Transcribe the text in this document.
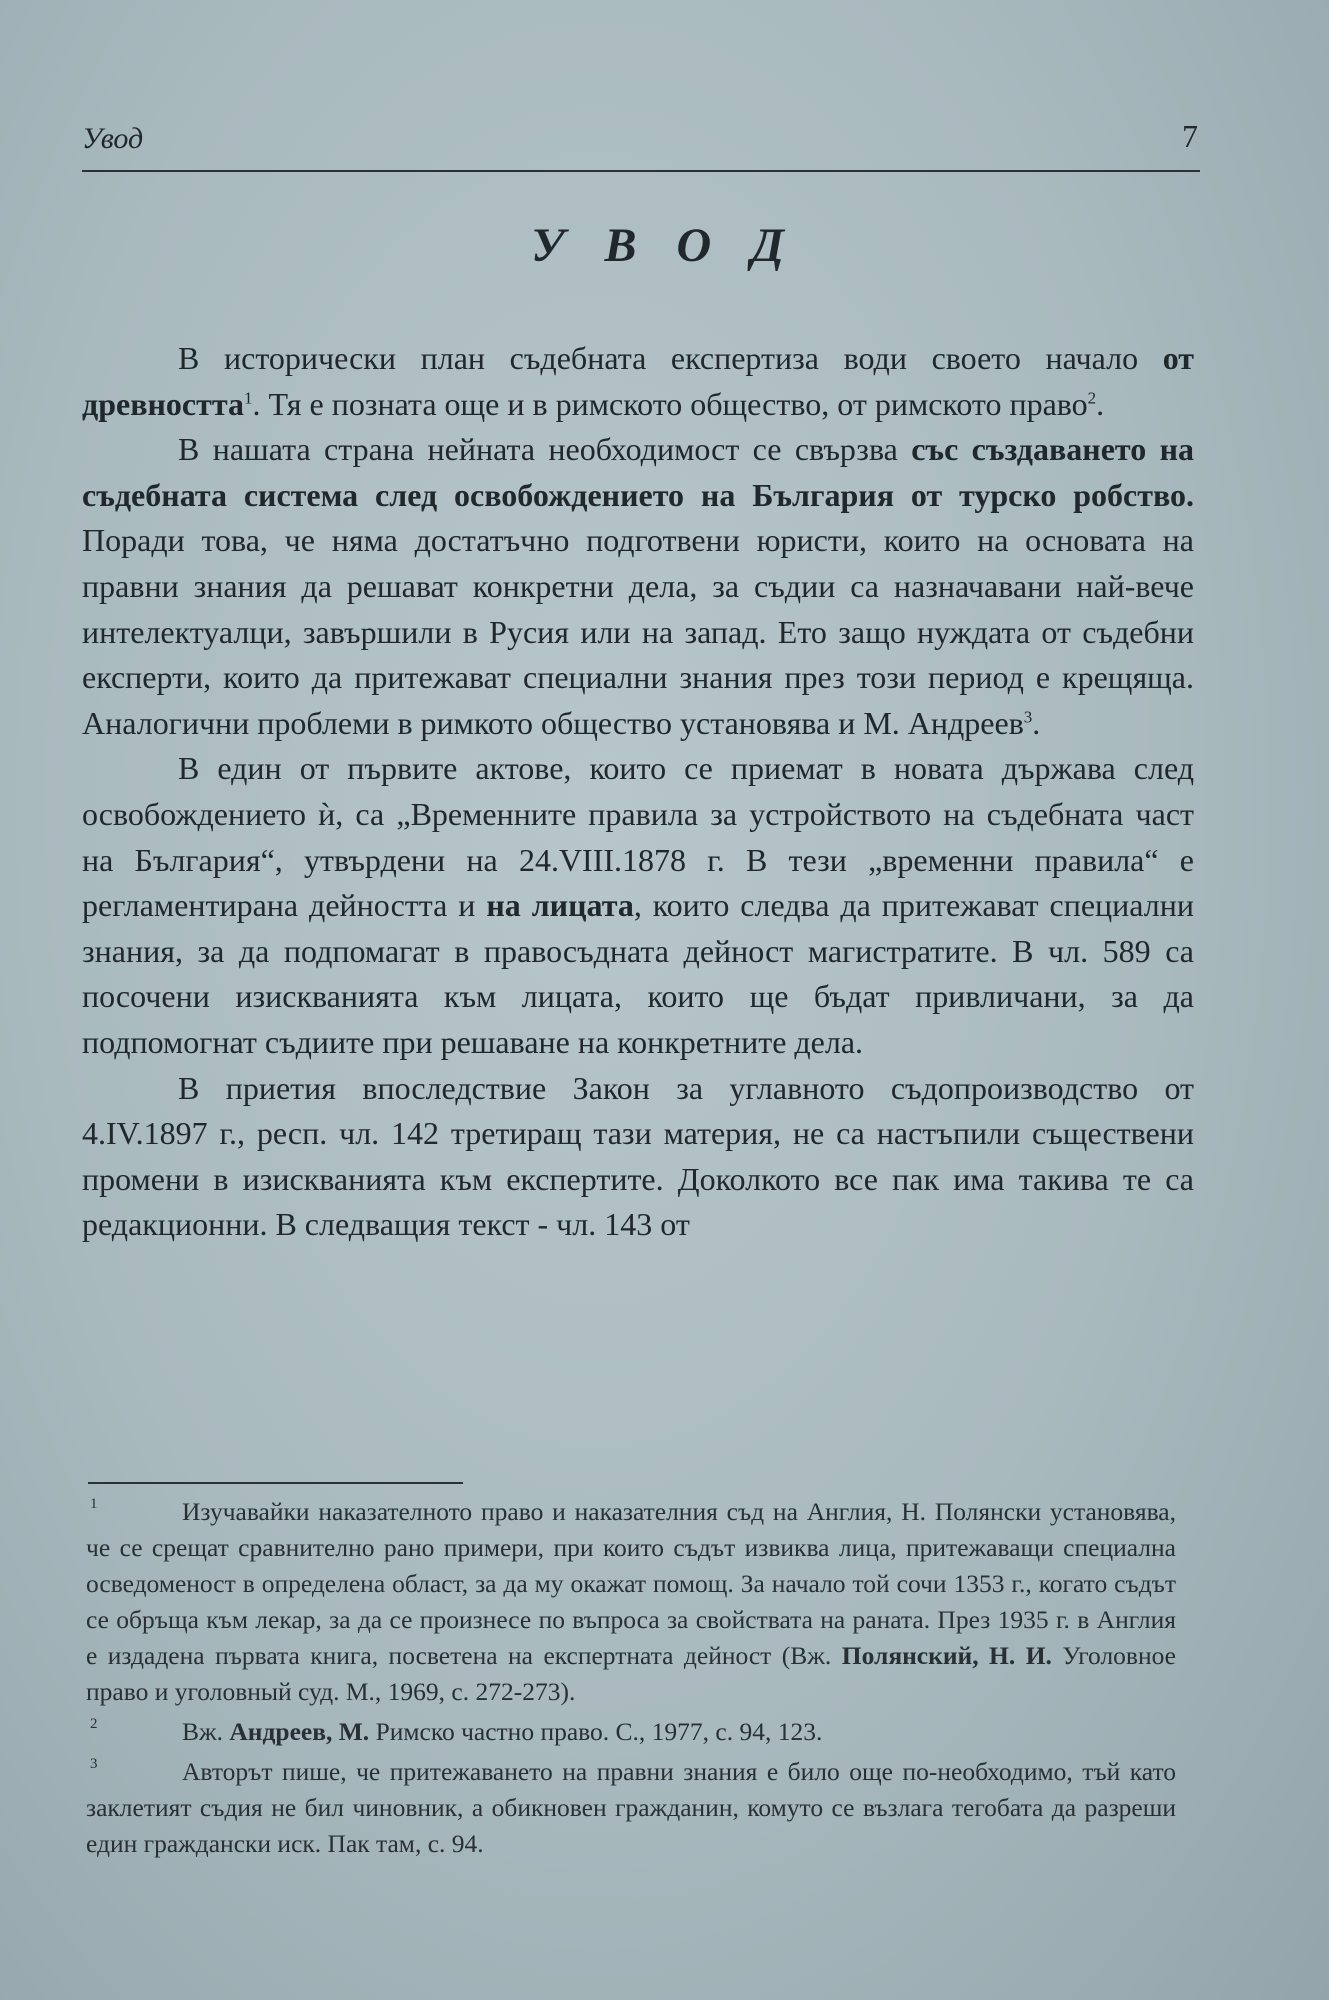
Увод	7
У В О Д

В исторически план съдебната експертиза води своето начало от древността$^1$. Тя е позната още и в римското общество, от римското право$^2$.

В нашата страна нейната необходимост се свързва със създаването на съдебната система след освобождението на България от турско робство. Поради това, че няма достатъчно подготвени юристи, които на основата на правни знания да решават конкретни дела, за съдии са назначавани най-вече интелектуалци, завършили в Русия или на запад. Ето защо нуждата от съдебни експерти, които да притежават специални знания през този период е крещяща. Аналогични проблеми в римкото общество установява и М. Андреев$^3$.

В един от първите актове, които се приемат в новата държава след освобождението ѝ, са „Временните правила за устройството на съдебната част на България“, утвърдени на 24.VIII.1878 г. В тези „временни правила“ е регламентирана дейността и на лицата, които следва да притежават специални знания, за да подпомагат в правосъдната дейност магистратите. В чл. 589 са посочени изискванията към лицата, които ще бъдат привличани, за да подпомогнат съдиите при решаване на конкретните дела.

В приетия впоследствие Закон за углавното съдопроизводство от 4.IV.1897 г., респ. чл. 142 третиращ тази материя, не са настъпили съществени промени в изискванията към експертите. Доколкото все пак има такива те са редакционни. В следващия текст - чл. 143 от

1	Изучавайки наказателното право и наказателния съд на Англия, Н. Полянски установява, че се срещат сравнително рано примери, при които съдът извиква лица, притежаващи специална осведоменост в определена област, за да му окажат помощ. За начало той сочи 1353 г., когато съдът се обръща към лекар, за да се произнесе по въпроса за свойствата на раната. През 1935 г. в Англия е издадена първата книга, посветена на експертната дейност (Вж. Полянский, Н. И. Уголовное право и уголовный суд. М., 1969, с. 272-273).
2	Вж. Андреев, М. Римско частно право. С., 1977, с. 94, 123.
3	Авторът пише, че притежаването на правни знания е било още по-необходимо, тъй като заклетият съдия не бил чиновник, а обикновен гражданин, комуто се възлага тегобата да разреши един граждански иск. Пак там, с. 94.
